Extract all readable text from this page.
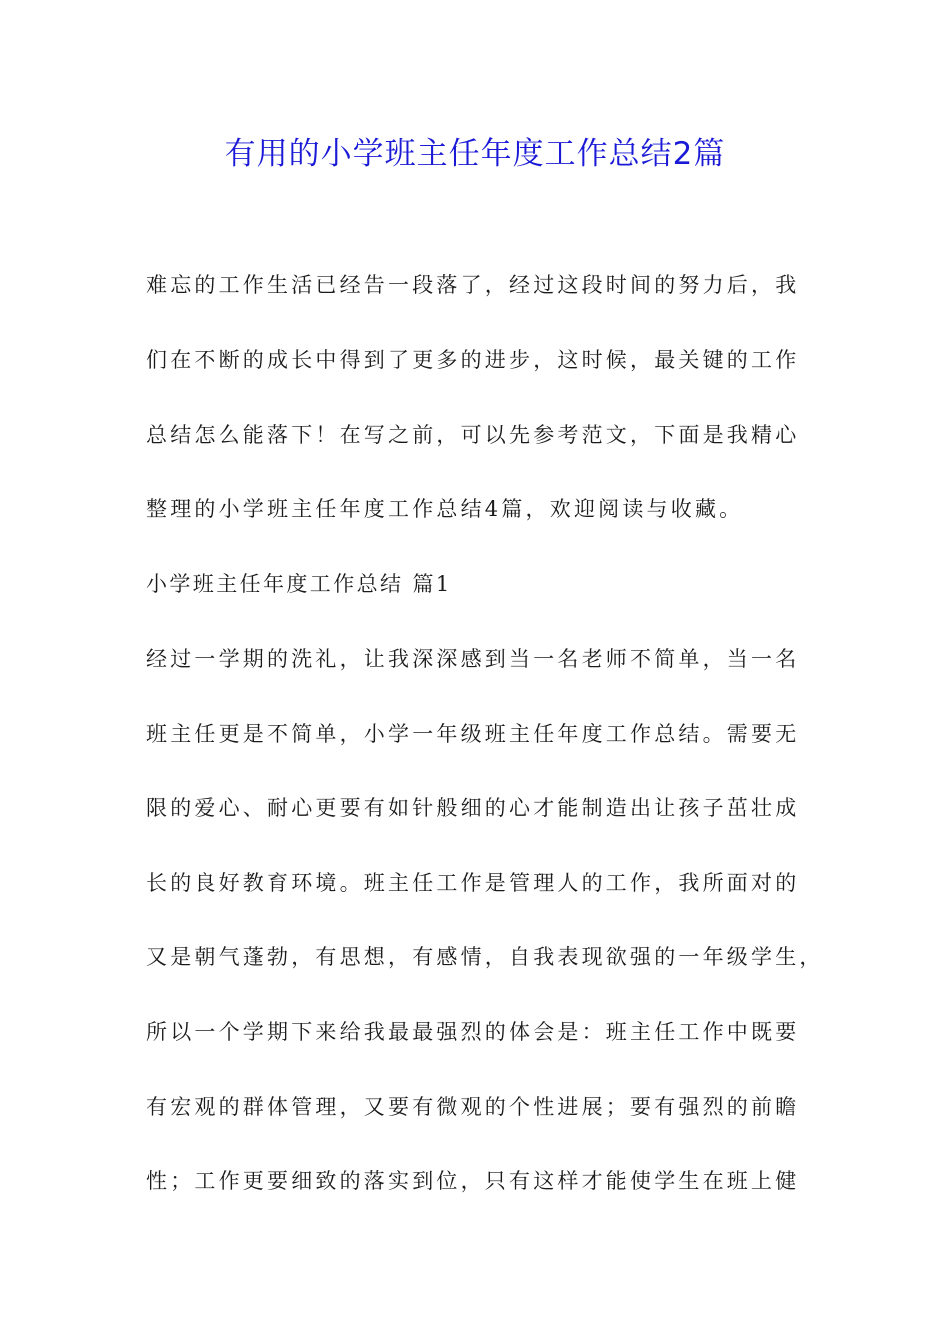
有用的小学班主任年度工作总结2篇

难忘的工作生活已经告一段落了，经过这段时间的努力后，我

们在不断的成长中得到了更多的进步，这时候，最关键的工作

总结怎么能落下！在写之前，可以先参考范文，下面是我精心

整理的小学班主任年度工作总结4篇，欢迎阅读与收藏。

小学班主任年度工作总结 篇1

经过一学期的洗礼，让我深深感到当一名老师不简单，当一名

班主任更是不简单，小学一年级班主任年度工作总结。需要无

限的爱心、耐心更要有如针般细的心才能制造出让孩子茁壮成

长的良好教育环境。班主任工作是管理人的工作，我所面对的

又是朝气蓬勃，有思想，有感情，自我表现欲强的一年级学生，

所以一个学期下来给我最最强烈的体会是：班主任工作中既要

有宏观的群体管理，又要有微观的个性进展；要有强烈的前瞻

性；工作更要细致的落实到位，只有这样才能使学生在班上健
